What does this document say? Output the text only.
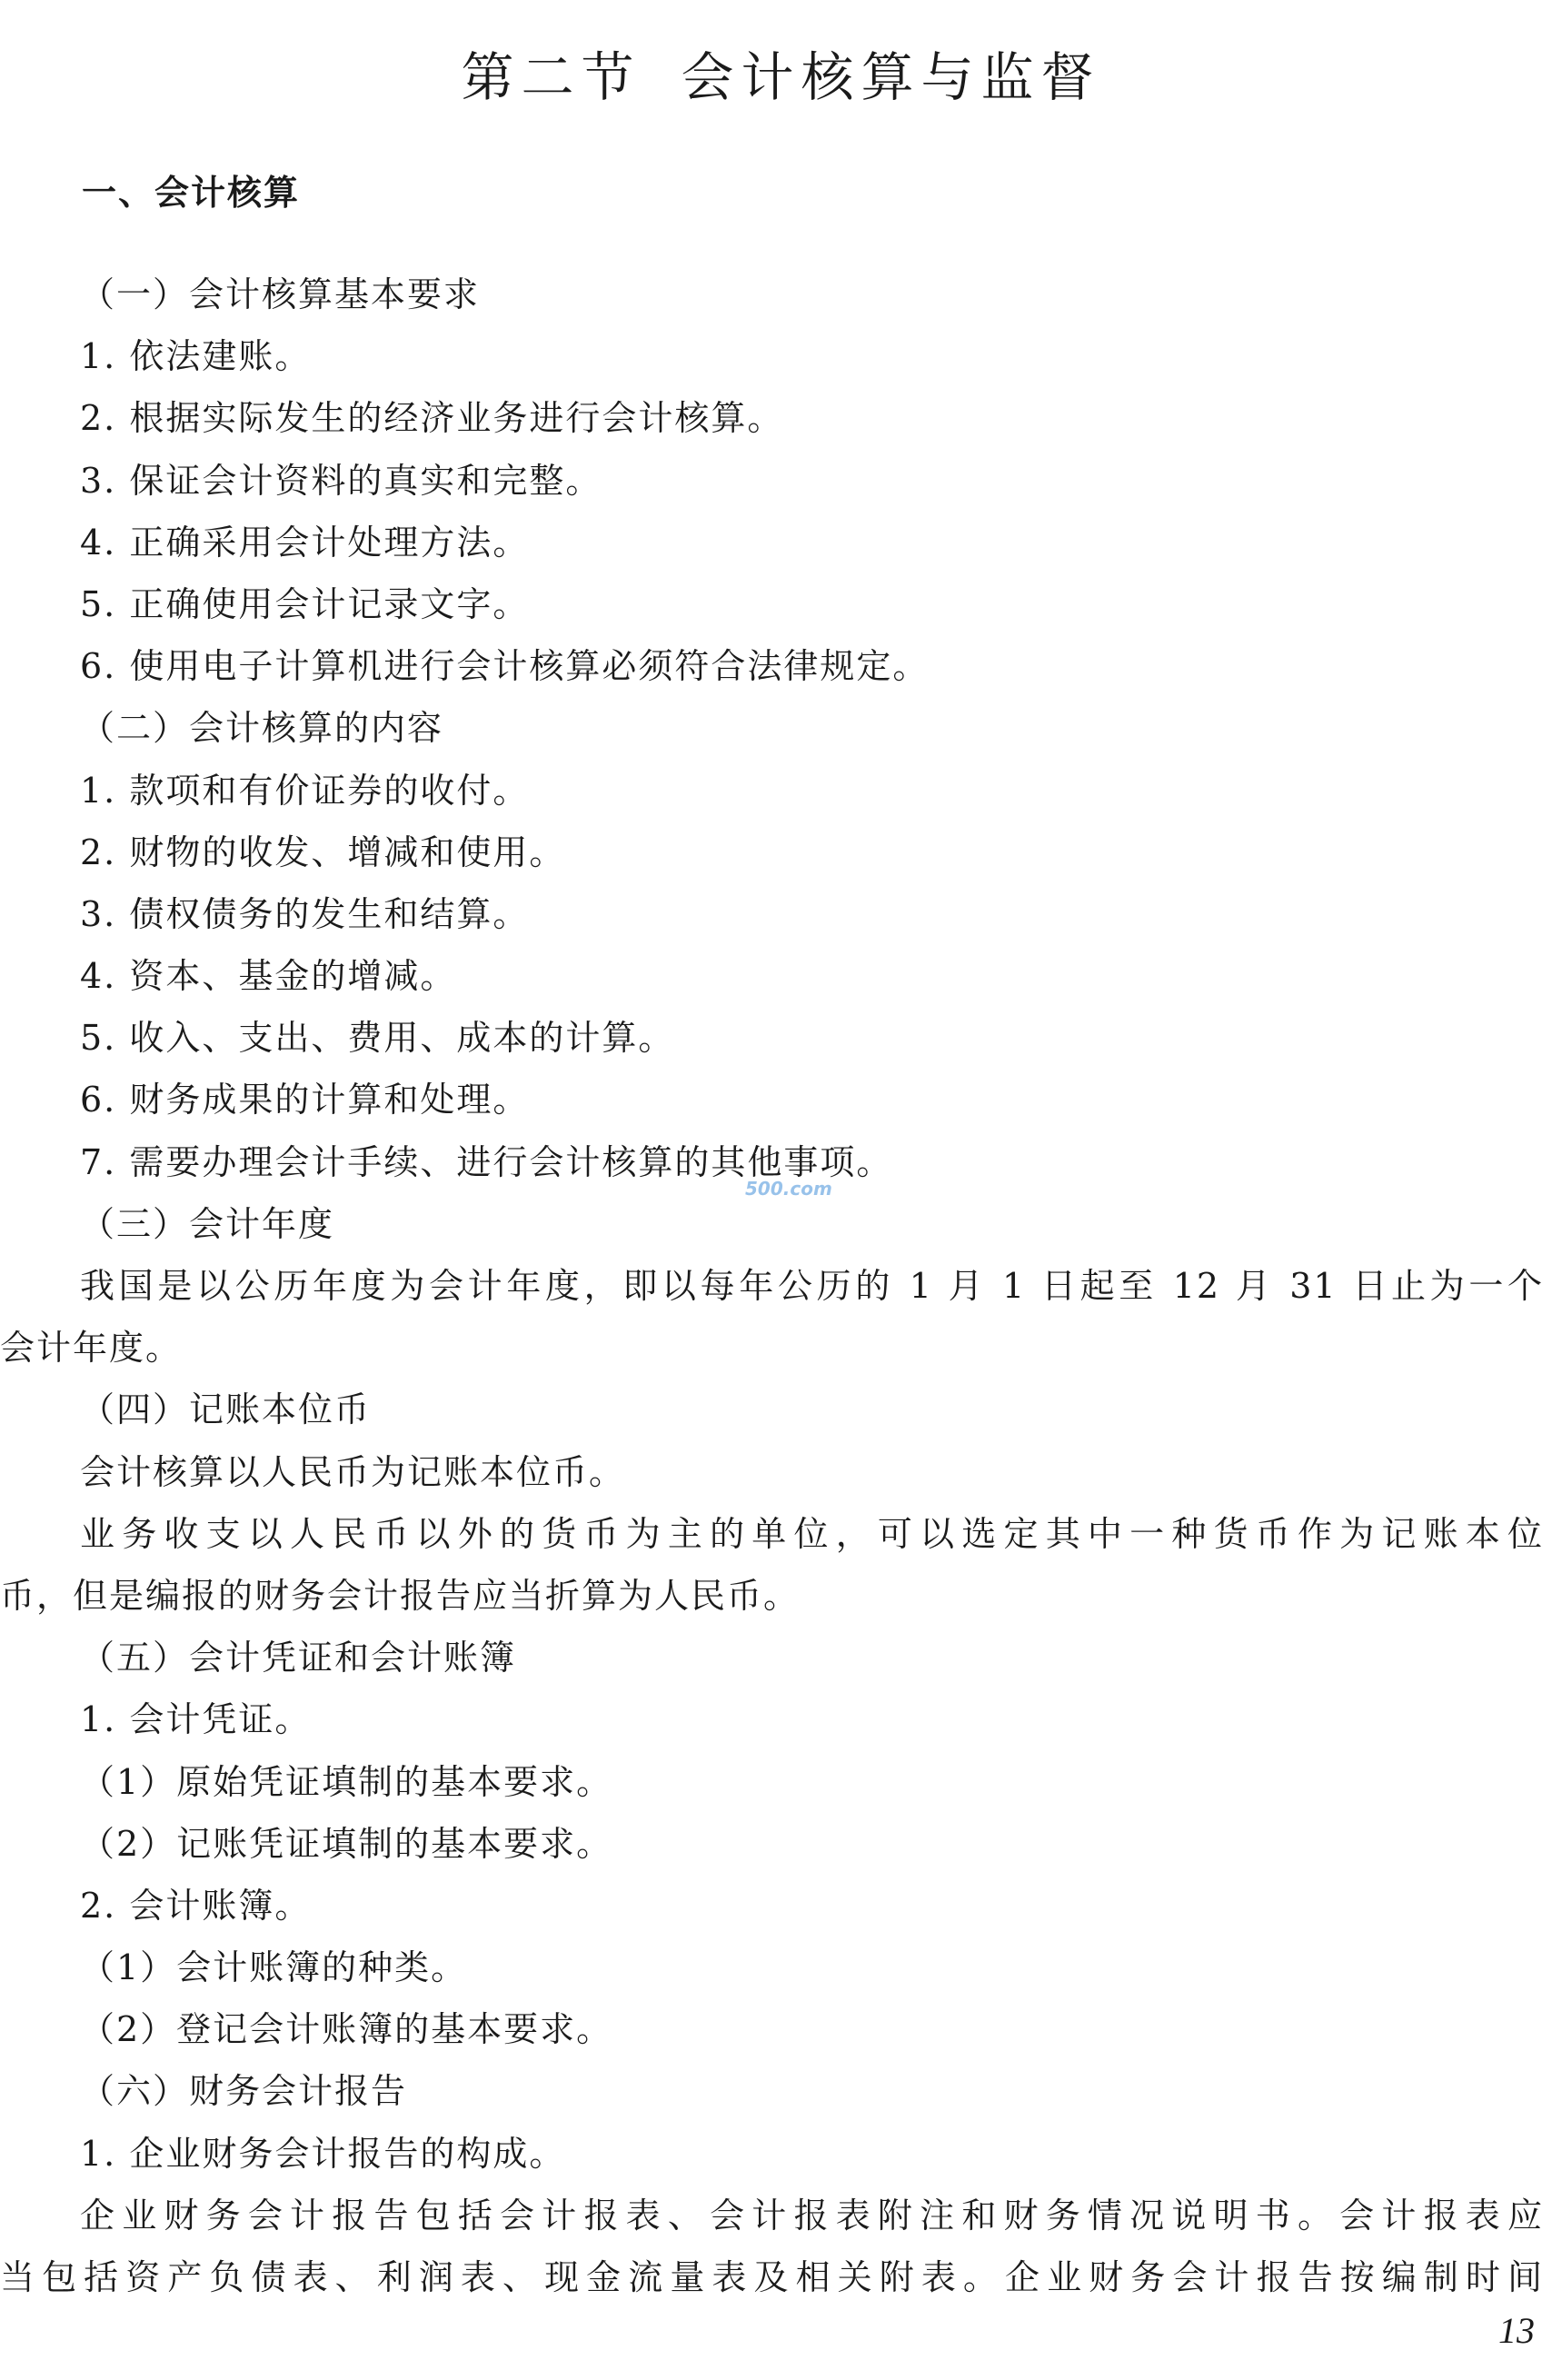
第二节 会计核算与监督
一、会计核算
（一）会计核算基本要求
1. 依法建账。
2. 根据实际发生的经济业务进行会计核算。
3. 保证会计资料的真实和完整。
4. 正确采用会计处理方法。
5. 正确使用会计记录文字。
6. 使用电子计算机进行会计核算必须符合法律规定。
（二）会计核算的内容
1. 款项和有价证券的收付。
2. 财物的收发、增减和使用。
3. 债权债务的发生和结算。
4. 资本、基金的增减。
5. 收入、支出、费用、成本的计算。
6. 财务成果的计算和处理。
7. 需要办理会计手续、进行会计核算的其他事项。
（三）会计年度
我国是以公历年度为会计年度，即以每年公历的 1 月 1 日起至 12 月 31 日止为一个
会计年度。
（四）记账本位币
会计核算以人民币为记账本位币。
业务收支以人民币以外的货币为主的单位，可以选定其中一种货币作为记账本位
币，但是编报的财务会计报告应当折算为人民币。
（五）会计凭证和会计账簿
1. 会计凭证。
（1）原始凭证填制的基本要求。
（2）记账凭证填制的基本要求。
2. 会计账簿。
（1）会计账簿的种类。
（2）登记会计账簿的基本要求。
（六）财务会计报告
1. 企业财务会计报告的构成。
企业财务会计报告包括会计报表、会计报表附注和财务情况说明书。会计报表应
当包括资产负债表、利润表、现金流量表及相关附表。企业财务会计报告按编制时间
500.com
13
